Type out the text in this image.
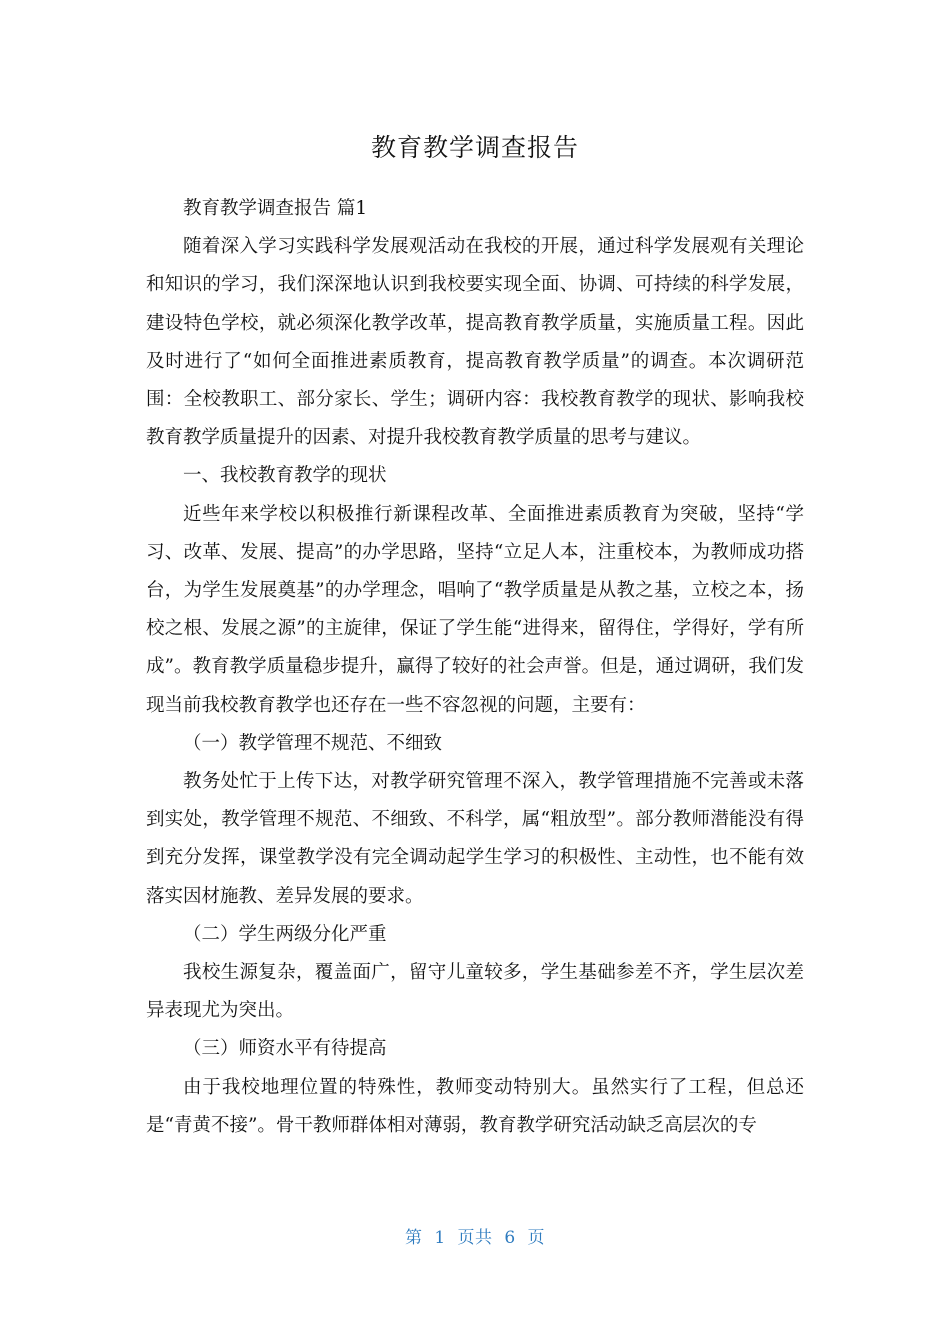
教育教学调查报告

教育教学调查报告 篇1

随着深入学习实践科学发展观活动在我校的开展，通过科学发展观有关理论和知识的学习，我们深深地认识到我校要实现全面、协调、可持续的科学发展，建设特色学校，就必须深化教学改革，提高教育教学质量，实施质量工程。因此及时进行了“如何全面推进素质教育，提高教育教学质量”的调查。本次调研范围：全校教职工、部分家长、学生；调研内容：我校教育教学的现状、影响我校教育教学质量提升的因素、对提升我校教育教学质量的思考与建议。

一、我校教育教学的现状

近些年来学校以积极推行新课程改革、全面推进素质教育为突破，坚持“学习、改革、发展、提高”的办学思路，坚持“立足人本，注重校本，为教师成功搭台，为学生发展奠基”的办学理念，唱响了“教学质量是从教之基，立校之本，扬校之根、发展之源”的主旋律，保证了学生能“进得来，留得住，学得好，学有所成”。教育教学质量稳步提升，赢得了较好的社会声誉。但是，通过调研，我们发现当前我校教育教学也还存在一些不容忽视的问题，主要有：

（一）教学管理不规范、不细致

教务处忙于上传下达，对教学研究管理不深入，教学管理措施不完善或未落到实处，教学管理不规范、不细致、不科学，属“粗放型”。部分教师潜能没有得到充分发挥，课堂教学没有完全调动起学生学习的积极性、主动性，也不能有效落实因材施教、差异发展的要求。

（二）学生两级分化严重

我校生源复杂，覆盖面广，留守儿童较多，学生基础参差不齐，学生层次差异表现尤为突出。

（三）师资水平有待提高

由于我校地理位置的特殊性，教师变动特别大。虽然实行了工程，但总还是“青黄不接”。骨干教师群体相对薄弱，教育教学研究活动缺乏高层次的专

第 1 页共 6 页
